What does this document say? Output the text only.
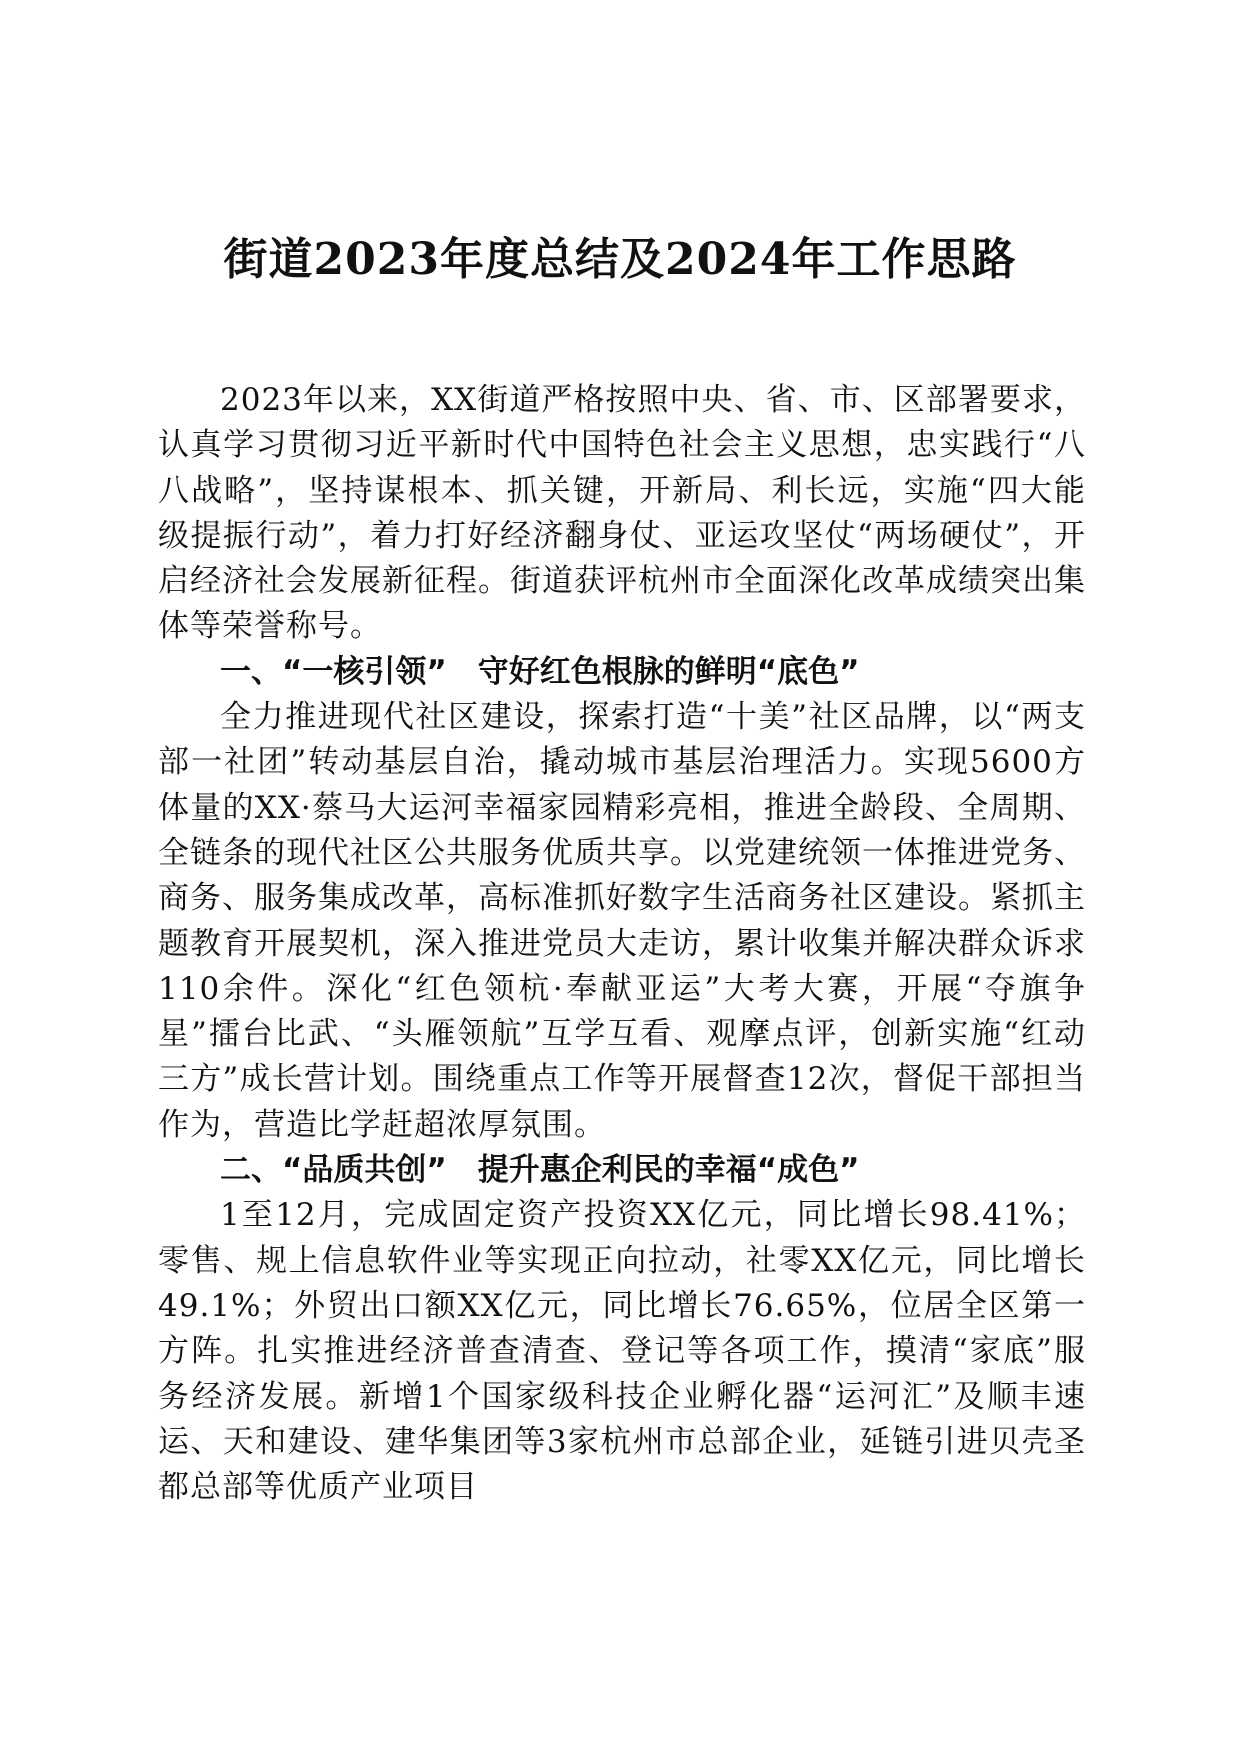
街道2023年度总结及2024年工作思路

2023年以来，XX街道严格按照中央、省、市、区部署要求，认真学习贯彻习近平新时代中国特色社会主义思想，忠实践行“八八战略”，坚持谋根本、抓关键，开新局、利长远，实施“四大能级提振行动”，着力打好经济翻身仗、亚运攻坚仗“两场硬仗”，开启经济社会发展新征程。街道获评杭州市全面深化改革成绩突出集体等荣誉称号。

一、“一核引领”　守好红色根脉的鲜明“底色”

全力推进现代社区建设，探索打造“十美”社区品牌，以“两支部一社团”转动基层自治，撬动城市基层治理活力。实现5600方体量的XX·蔡马大运河幸福家园精彩亮相，推进全龄段、全周期、全链条的现代社区公共服务优质共享。以党建统领一体推进党务、商务、服务集成改革，高标准抓好数字生活商务社区建设。紧抓主题教育开展契机，深入推进党员大走访，累计收集并解决群众诉求110余件。深化“红色领杭·奉献亚运”大考大赛，开展“夺旗争星”擂台比武、“头雁领航”互学互看、观摩点评，创新实施“红动三方”成长营计划。围绕重点工作等开展督查12次，督促干部担当作为，营造比学赶超浓厚氛围。

二、“品质共创”　提升惠企利民的幸福“成色”

1至12月，完成固定资产投资XX亿元，同比增长98.41%；零售、规上信息软件业等实现正向拉动，社零XX亿元，同比增长49.1%；外贸出口额XX亿元，同比增长76.65%，位居全区第一方阵。扎实推进经济普查清查、登记等各项工作，摸清“家底”服务经济发展。新增1个国家级科技企业孵化器“运河汇”及顺丰速运、天和建设、建华集团等3家杭州市总部企业，延链引进贝壳圣都总部等优质产业项目
